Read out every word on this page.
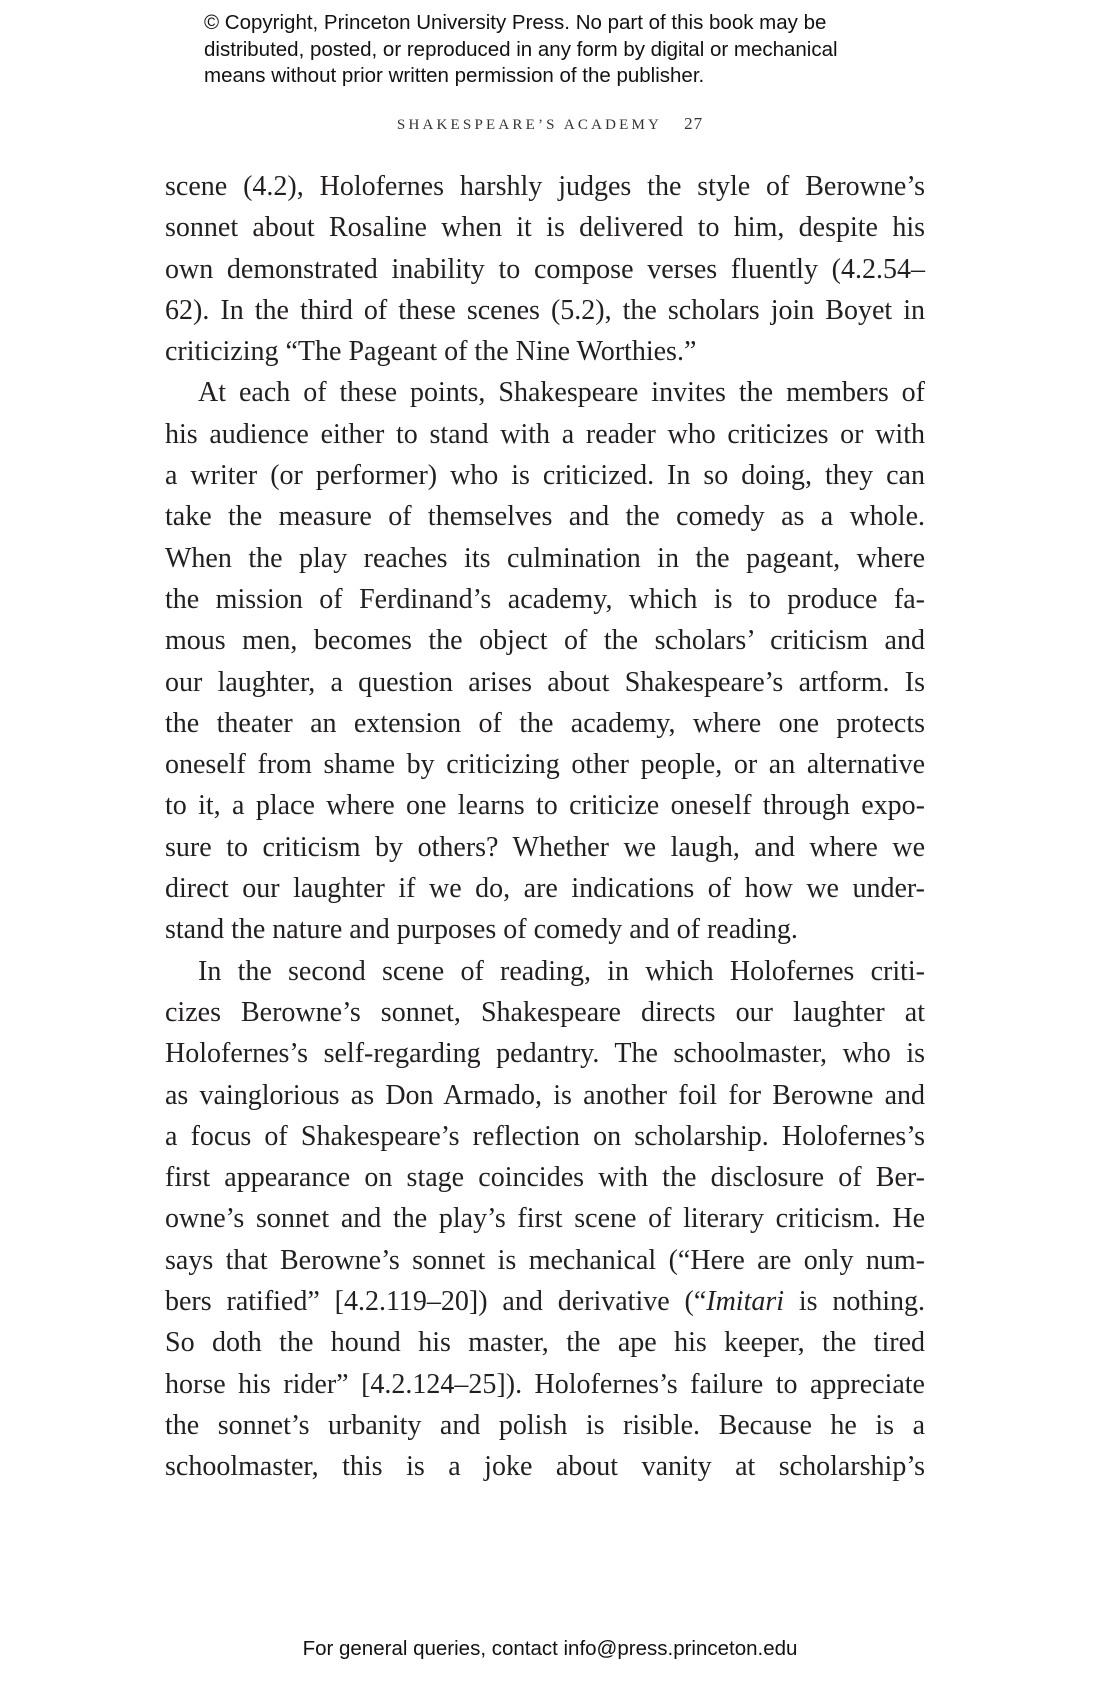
© Copyright, Princeton University Press. No part of this book may be
distributed, posted, or reproduced in any form by digital or mechanical
means without prior written permission of the publisher.
SHAKESPEARE’S ACADEMY 27
scene (4.2), Holofernes harshly judges the style of Berowne’s
sonnet about Rosaline when it is delivered to him, despite his
own demonstrated inability to compose verses fluently (4.2.54–
62). In the third of these scenes (5.2), the scholars join Boyet in
criticizing “The Pageant of the Nine Worthies.”
At each of these points, Shakespeare invites the members of
his audience either to stand with a reader who criticizes or with
a writer (or performer) who is criticized. In so doing, they can
take the measure of themselves and the comedy as a whole.
When the play reaches its culmination in the pageant, where
the mission of Ferdinand’s academy, which is to produce fa-
mous men, becomes the object of the scholars’ criticism and
our laughter, a question arises about Shakespeare’s artform. Is
the theater an extension of the academy, where one protects
oneself from shame by criticizing other people, or an alternative
to it, a place where one learns to criticize oneself through expo-
sure to criticism by others? Whether we laugh, and where we
direct our laughter if we do, are indications of how we under-
stand the nature and purposes of comedy and of reading.
In the second scene of reading, in which Holofernes criti-
cizes Berowne’s sonnet, Shakespeare directs our laughter at
Holofernes’s self-regarding pedantry. The schoolmaster, who is
as vainglorious as Don Armado, is another foil for Berowne and
a focus of Shakespeare’s reflection on scholarship. Holofernes’s
first appearance on stage coincides with the disclosure of Ber-
owne’s sonnet and the play’s first scene of literary criticism. He
says that Berowne’s sonnet is mechanical (“Here are only num-
bers ratified” [4.2.119–20]) and derivative (“Imitari is nothing.
So doth the hound his master, the ape his keeper, the tired
horse his rider” [4.2.124–25]). Holofernes’s failure to appreciate
the sonnet’s urbanity and polish is risible. Because he is a
schoolmaster, this is a joke about vanity at scholarship’s
For general queries, contact info@press.princeton.edu
